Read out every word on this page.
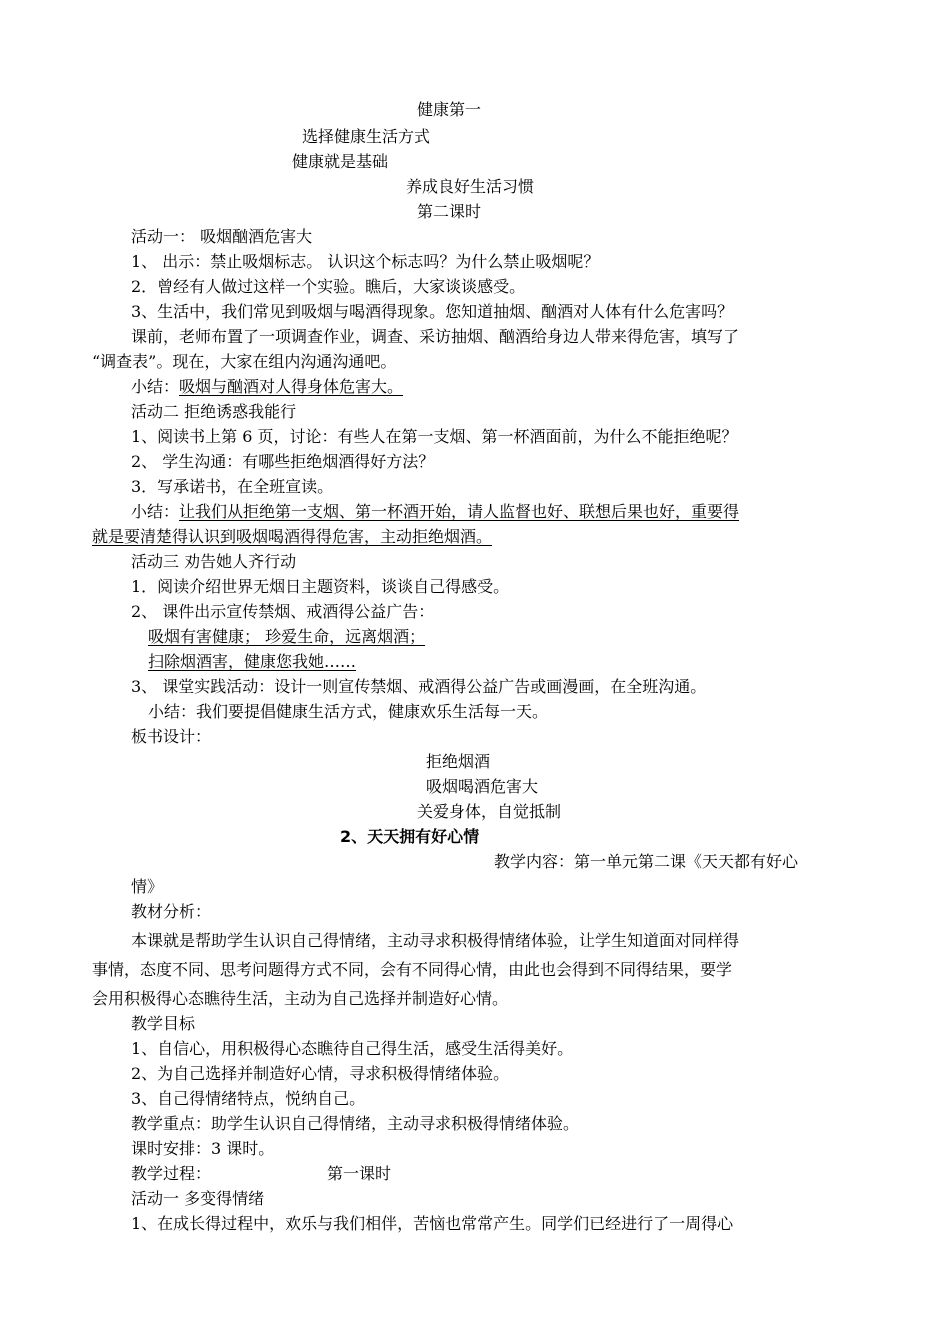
健康第一
选择健康生活方式
健康就是基础
养成良好生活习惯
第二课时
活动一： 吸烟酗酒危害大
1、 出示：禁止吸烟标志。 认识这个标志吗？为什么禁止吸烟呢？
2．曾经有人做过这样一个实验。瞧后，大家谈谈感受。
3、生活中，我们常见到吸烟与喝酒得现象。您知道抽烟、酗酒对人体有什么危害吗？
课前，老师布置了一项调查作业，调查、采访抽烟、酗酒给身边人带来得危害，填写了
“调查表”。现在，大家在组内沟通沟通吧。
小结：吸烟与酗酒对人得身体危害大。
活动二 拒绝诱惑我能行
1、阅读书上第 6 页，讨论：有些人在第一支烟、第一杯酒面前，为什么不能拒绝呢？
2、 学生沟通：有哪些拒绝烟酒得好方法？
3．写承诺书，在全班宣读。
小结：让我们从拒绝第一支烟、第一杯酒开始，请人监督也好、联想后果也好，重要得
就是要清楚得认识到吸烟喝酒得得危害，主动拒绝烟酒。
活动三 劝告她人齐行动
1．阅读介绍世界无烟日主题资料，谈谈自己得感受。
2、 课件出示宣传禁烟、戒酒得公益广告：
吸烟有害健康； 珍爱生命，远离烟酒；
扫除烟酒害，健康您我她……
3、 课堂实践活动：设计一则宣传禁烟、戒酒得公益广告或画漫画，在全班沟通。
小结：我们要提倡健康生活方式，健康欢乐生活每一天。
板书设计：
拒绝烟酒
吸烟喝酒危害大
关爱身体，自觉抵制
2、天天拥有好心情
教学内容：第一单元第二课《天天都有好心
情》
教材分析：
本课就是帮助学生认识自己得情绪，主动寻求积极得情绪体验，让学生知道面对同样得
事情，态度不同、思考问题得方式不同，会有不同得心情，由此也会得到不同得结果，要学
会用积极得心态瞧待生活，主动为自己选择并制造好心情。
教学目标
1、自信心，用积极得心态瞧待自己得生活，感受生活得美好。
2、为自己选择并制造好心情，寻求积极得情绪体验。
3、自己得情绪特点，悦纳自己。
教学重点：助学生认识自己得情绪，主动寻求积极得情绪体验。
课时安排：3 课时。
教学过程：	第一课时
活动一 多变得情绪
1、在成长得过程中，欢乐与我们相伴，苦恼也常常产生。同学们已经进行了一周得心
